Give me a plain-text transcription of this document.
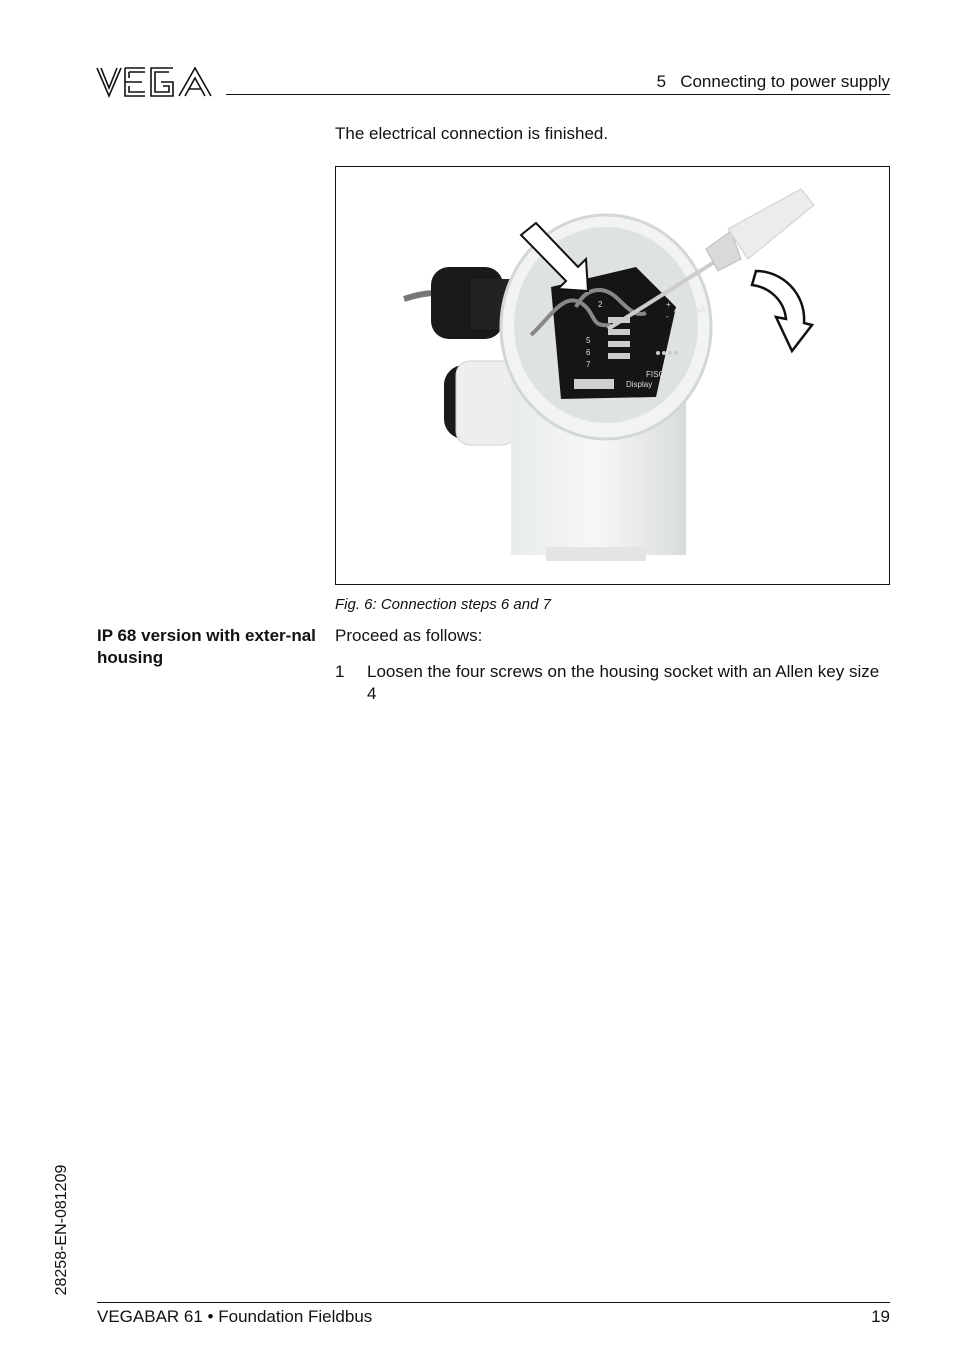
VEGA
5   Connecting to power supply
The electrical connection is finished.
2
5
6
7
+
-
4...20mA
FISCH
Display
Fig. 6: Connection steps 6 and 7
IP 68 version with exter-nal housing
Proceed as follows:
1 Loosen the four screws on the housing socket with an Allen key size 4
28258-EN-081209
VEGABAR 61 • Foundation Fieldbus	19
